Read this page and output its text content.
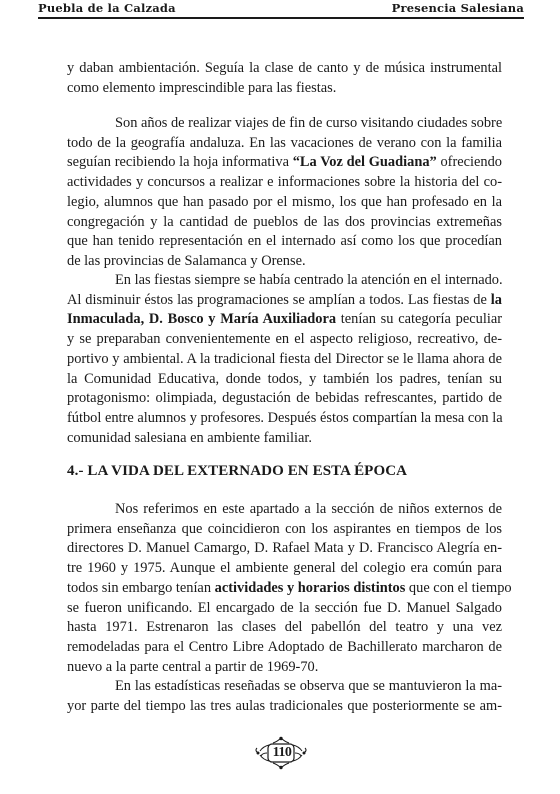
Puebla de la Calzada	Presencia Salesiana

y daban ambientación. Seguía la clase de canto y de música instrumental
como elemento imprescindible para las fiestas.

Son años de realizar viajes de fin de curso visitando ciudades sobre
todo de la geografía andaluza. En las vacaciones de verano con la familia
seguían recibiendo la hoja informativa “La Voz del Guadiana” ofreciendo
actividades y concursos a realizar e informaciones sobre la historia del co-
legio, alumnos que han pasado por el mismo, los que han profesado en la
congregación y la cantidad de pueblos de las dos provincias extremeñas
que han tenido representación en el internado así como los que procedían
de las provincias de Salamanca y Orense.

En las fiestas siempre se había centrado la atención en el internado.
Al disminuir éstos las programaciones se amplían a todos. Las fiestas de la
Inmaculada, D. Bosco y María Auxiliadora tenían su categoría peculiar
y se preparaban convenientemente en el aspecto religioso, recreativo, de-
portivo y ambiental. A la tradicional fiesta del Director se le llama ahora de
la Comunidad Educativa, donde todos, y también los padres, tenían su
protagonismo: olimpiada, degustación de bebidas refrescantes, partido de
fútbol entre alumnos y profesores. Después éstos compartían la mesa con la
comunidad salesiana en ambiente familiar.

4.- LA VIDA DEL EXTERNADO EN ESTA ÉPOCA

Nos referimos en este apartado a la sección de niños externos de
primera enseñanza que coincidieron con los aspirantes en tiempos de los
directores D. Manuel Camargo, D. Rafael Mata y D. Francisco Alegría en-
tre 1960 y 1975. Aunque el ambiente general del colegio era común para
todos sin embargo tenían actividades y horarios distintos que con el tiempo
se fueron unificando. El encargado de la sección fue D. Manuel Salgado
hasta 1971. Estrenaron las clases del pabellón del teatro y una vez
remodeladas para el Centro Libre Adoptado de Bachillerato marcharon de
nuevo a la parte central a partir de 1969-70.

En las estadísticas reseñadas se observa que se mantuvieron la ma-
yor parte del tiempo las tres aulas tradicionales que posteriormente se am-

110
